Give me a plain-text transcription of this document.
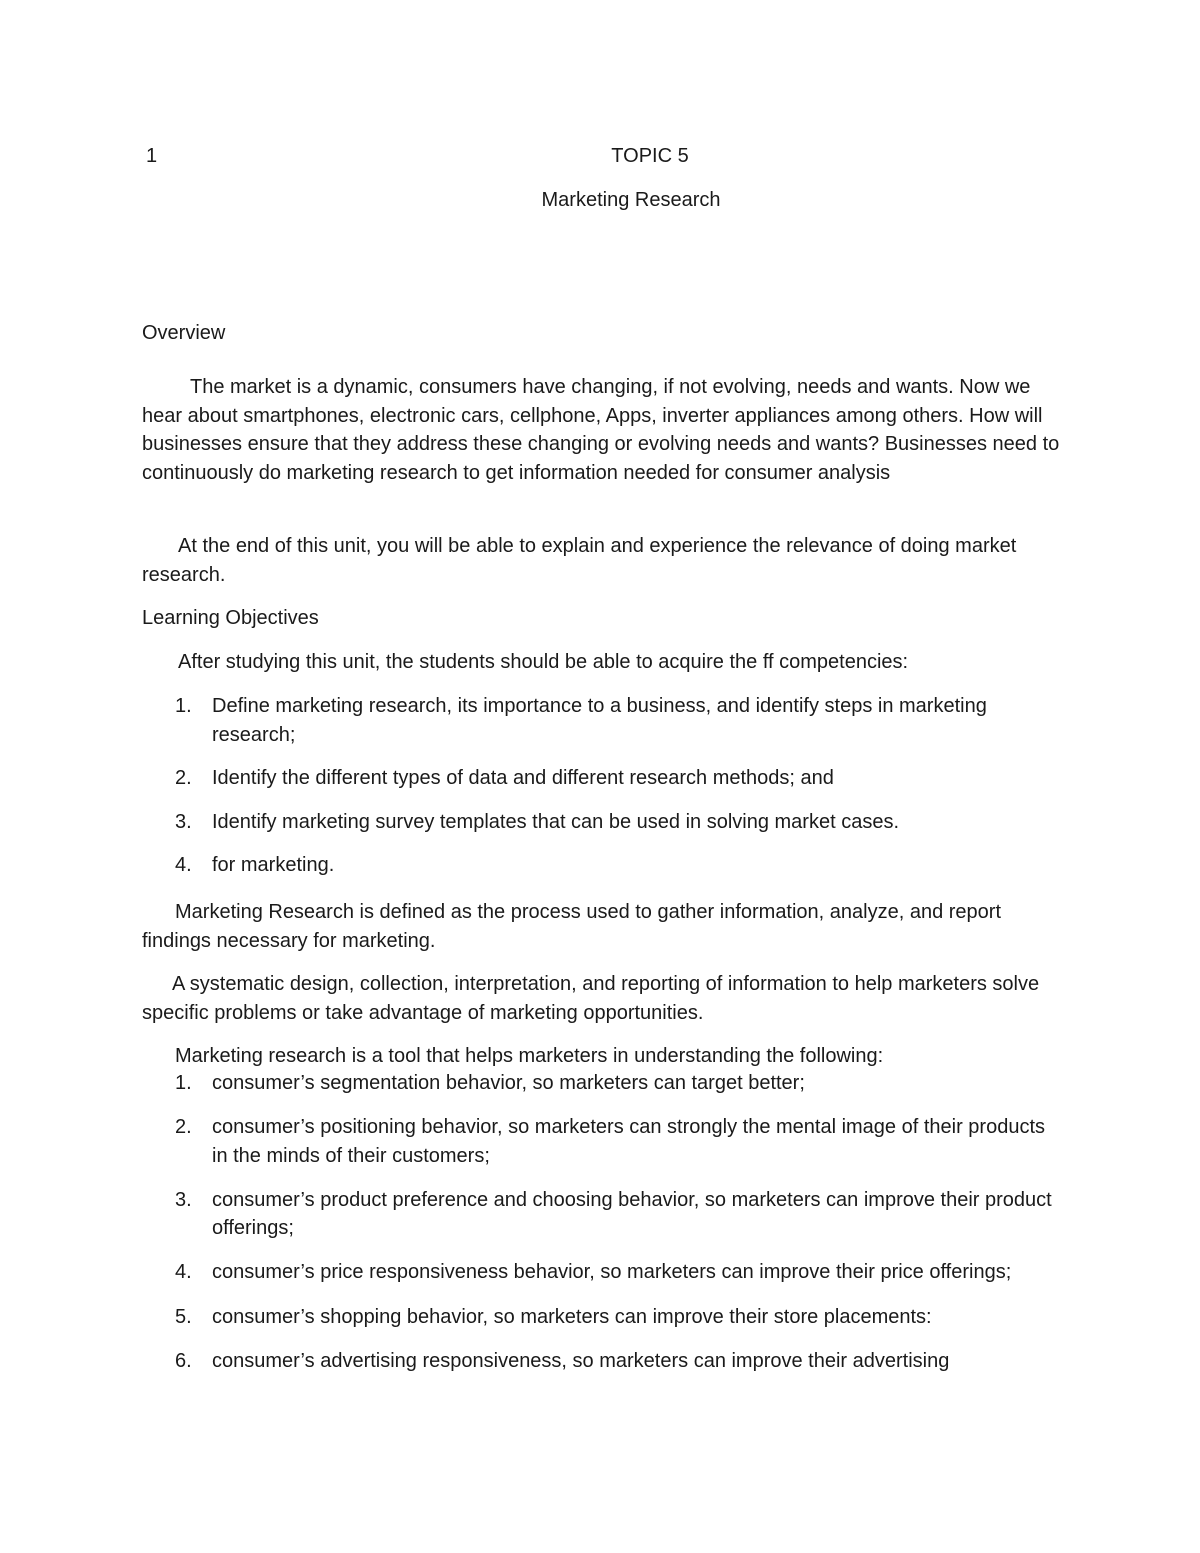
1	TOPIC 5
Marketing Research

Overview

The market is a dynamic, consumers have changing, if not evolving, needs and wants. Now we hear about smartphones, electronic cars, cellphone, Apps, inverter appliances among others. How will businesses ensure that they address these changing or evolving needs and wants? Businesses need to continuously do marketing research to get information needed for consumer analysis

At the end of this unit, you will be able to explain and experience the relevance of doing market research.

Learning Objectives

After studying this unit, the students should be able to acquire the ff competencies:

1. Define marketing research, its importance to a business, and identify steps in marketing research;
2. Identify the different types of data and different research methods; and
3. Identify marketing survey templates that can be used in solving market cases.
4. for marketing.

Marketing Research is defined as the process used to gather information, analyze, and report findings necessary for marketing.

A systematic design, collection, interpretation, and reporting of information to help marketers solve specific problems or take advantage of marketing opportunities.

Marketing research is a tool that helps marketers in understanding the following:

1. consumer’s segmentation behavior, so marketers can target better;
2. consumer’s positioning behavior, so marketers can strongly the mental image of their products in the minds of their customers;
3. consumer’s product preference and choosing behavior, so marketers can improve their product offerings;
4. consumer’s price responsiveness behavior, so marketers can improve their price offerings;
5. consumer’s shopping behavior, so marketers can improve their store placements:
6. consumer’s advertising responsiveness, so marketers can improve their advertising
